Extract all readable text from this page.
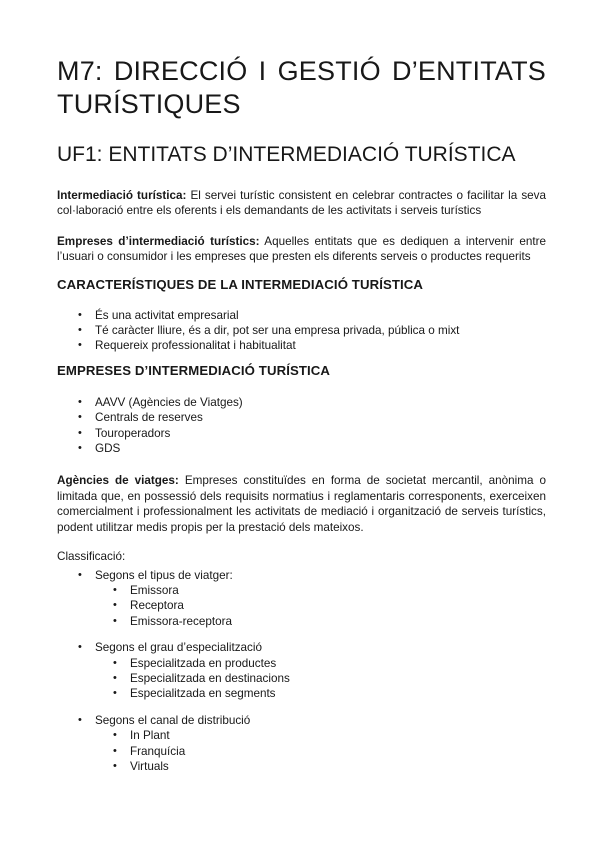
M7: DIRECCIÓ I GESTIÓ D’ENTITATS TURÍSTIQUES
UF1: ENTITATS D’INTERMEDIACIÓ TURÍSTICA

Intermediació turística: El servei turístic consistent en celebrar contractes o facilitar la seva col·laboració entre els oferents i els demandants de les activitats i serveis turístics

Empreses d’intermediació turístics: Aquelles entitats que es dediquen a intervenir entre l’usuari o consumidor i les empreses que presten els diferents serveis o productes requerits

CARACTERÍSTIQUES DE LA INTERMEDIACIÓ TURÍSTICA
• És una activitat empresarial
• Té caràcter lliure, és a dir, pot ser una empresa privada, pública o mixt
• Requereix professionalitat i habitualitat
EMPRESES D’INTERMEDIACIÓ TURÍSTICA
• AAVV (Agències de Viatges)
• Centrals de reserves
• Touroperadors
• GDS

Agències de viatges: Empreses constituïdes en forma de societat mercantil, anònima o limitada que, en possessió dels requisits normatius i reglamentaris corresponents, exerceixen comercialment i professionalment les activitats de mediació i organització de serveis turístics, podent utilitzar medis propis per la prestació dels mateixos.

Classificació:

• Segons el tipus de viatger:
• Emissora
• Receptora
• Emissora-receptora
• Segons el grau d’especialització
• Especialitzada en productes
• Especialitzada en destinacions
• Especialitzada en segments
• Segons el canal de distribució
• In Plant
• Franquícia
• Virtuals
